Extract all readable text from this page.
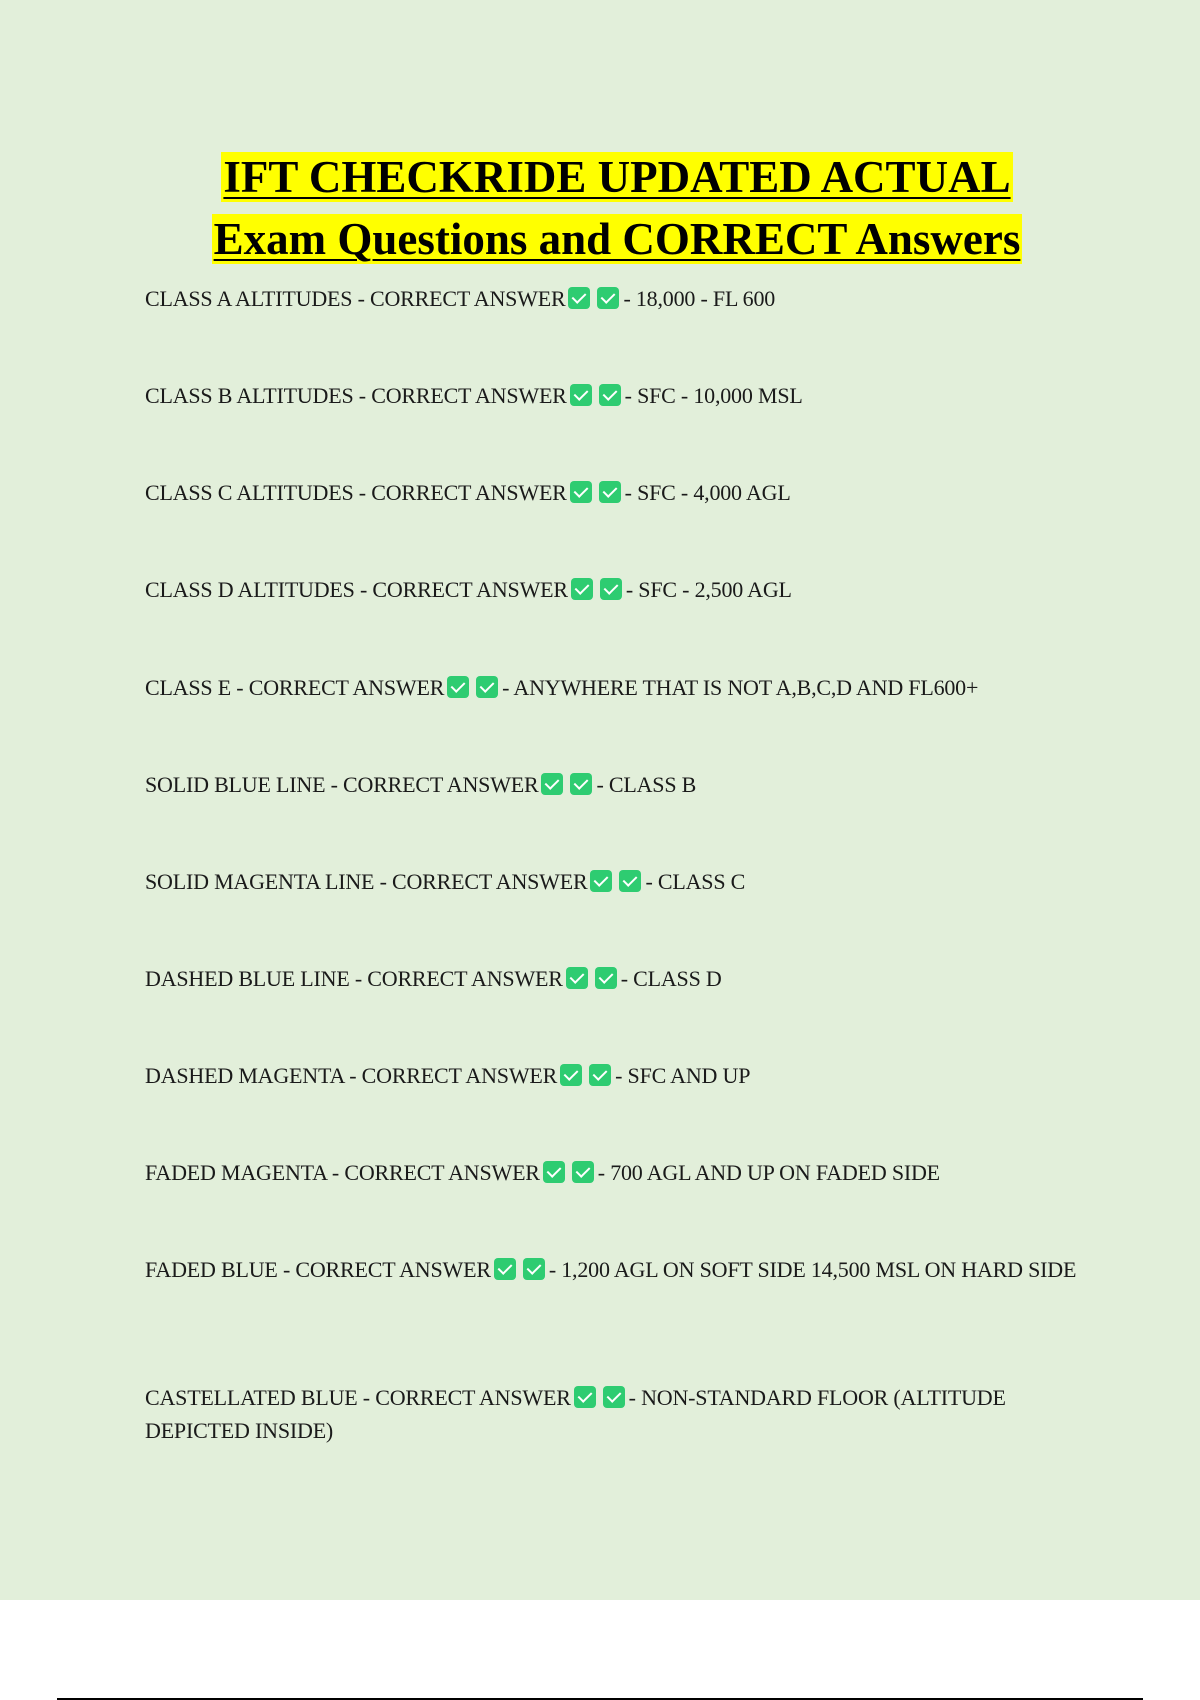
IFT CHECKRIDE UPDATED ACTUAL
Exam Questions and CORRECT Answers
CLASS A ALTITUDES - CORRECT ANSWER	- 18,000 - FL 600
CLASS B ALTITUDES - CORRECT ANSWER	- SFC - 10,000 MSL
CLASS C ALTITUDES - CORRECT ANSWER	- SFC - 4,000 AGL
CLASS D ALTITUDES - CORRECT ANSWER	- SFC - 2,500 AGL
CLASS E - CORRECT ANSWER	- ANYWHERE THAT IS NOT A,B,C,D AND FL600+
SOLID BLUE LINE - CORRECT ANSWER	- CLASS B
SOLID MAGENTA LINE - CORRECT ANSWER	- CLASS C
DASHED BLUE LINE - CORRECT ANSWER	- CLASS D
DASHED MAGENTA - CORRECT ANSWER	- SFC AND UP
FADED MAGENTA - CORRECT ANSWER	- 700 AGL AND UP ON FADED SIDE
FADED BLUE - CORRECT ANSWER	- 1,200 AGL ON SOFT SIDE 14,500 MSL ON HARD SIDE
CASTELLATED BLUE - CORRECT ANSWER	- NON-STANDARD FLOOR (ALTITUDE DEPICTED INSIDE)
